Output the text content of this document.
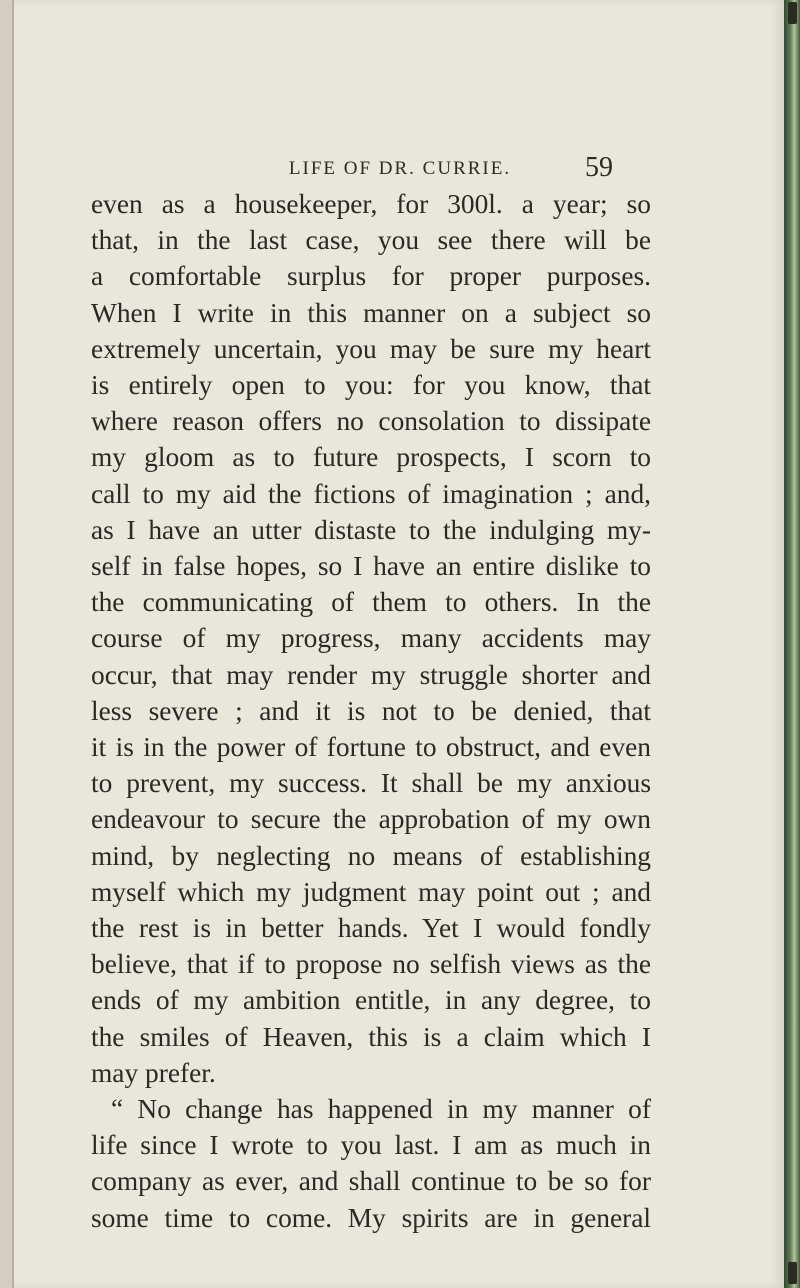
LIFE OF DR. CURRIE.	59
even as a housekeeper, for 300l. a year; so
that, in the last case, you see there will be
a comfortable surplus for proper purposes.
When I write in this manner on a subject so
extremely uncertain, you may be sure my heart
is entirely open to you: for you know, that
where reason offers no consolation to dissipate
my gloom as to future prospects, I scorn to
call to my aid the fictions of imagination ; and,
as I have an utter distaste to the indulging my-
self in false hopes, so I have an entire dislike to
the communicating of them to others. In the
course of my progress, many accidents may
occur, that may render my struggle shorter and
less severe ; and it is not to be denied, that
it is in the power of fortune to obstruct, and even
to prevent, my success. It shall be my anxious
endeavour to secure the approbation of my own
mind, by neglecting no means of establishing
myself which my judgment may point out ; and
the rest is in better hands. Yet I would fondly
believe, that if to propose no selfish views as the
ends of my ambition entitle, in any degree, to
the smiles of Heaven, this is a claim which I
may prefer.
“ No change has happened in my manner of
life since I wrote to you last. I am as much in
company as ever, and shall continue to be so for
some time to come. My spirits are in general
